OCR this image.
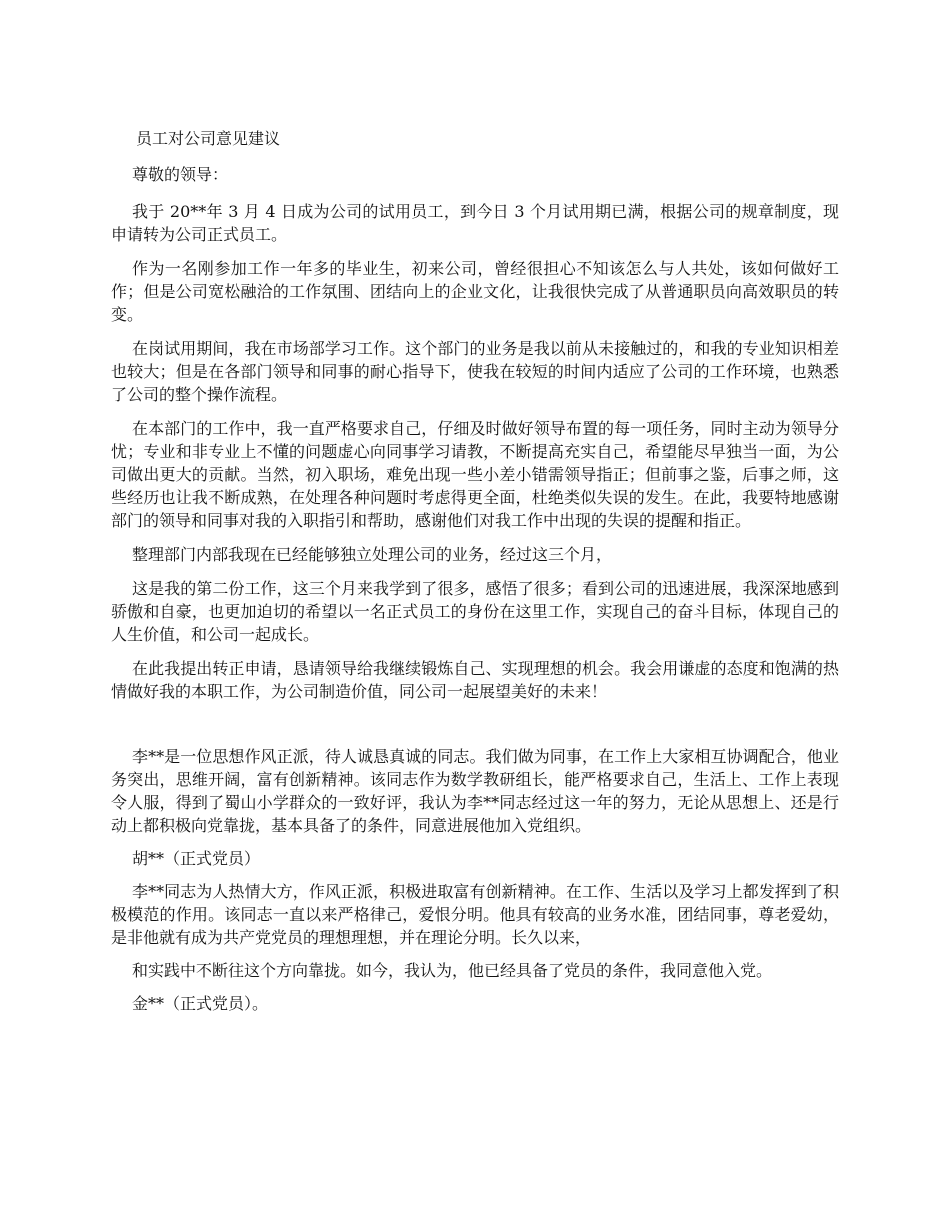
员工对公司意见建议

尊敬的领导：

我于 20**年 3 月 4 日成为公司的试用员工，到今日 3 个月试用期已满，根据公司的规章制度，现申请转为公司正式员工。

作为一名刚参加工作一年多的毕业生，初来公司，曾经很担心不知该怎么与人共处，该如何做好工作；但是公司宽松融洽的工作氛围、团结向上的企业文化，让我很快完成了从普通职员向高效职员的转变。

在岗试用期间，我在市场部学习工作。这个部门的业务是我以前从未接触过的，和我的专业知识相差也较大；但是在各部门领导和同事的耐心指导下，使我在较短的时间内适应了公司的工作环境，也熟悉了公司的整个操作流程。

在本部门的工作中，我一直严格要求自己，仔细及时做好领导布置的每一项任务，同时主动为领导分忧；专业和非专业上不懂的问题虚心向同事学习请教，不断提高充实自己，希望能尽早独当一面，为公司做出更大的贡献。当然，初入职场，难免出现一些小差小错需领导指正；但前事之鉴，后事之师，这些经历也让我不断成熟，在处理各种问题时考虑得更全面，杜绝类似失误的发生。在此，我要特地感谢部门的领导和同事对我的入职指引和帮助，感谢他们对我工作中出现的失误的提醒和指正。

整理部门内部我现在已经能够独立处理公司的业务，经过这三个月，

这是我的第二份工作，这三个月来我学到了很多，感悟了很多；看到公司的迅速进展，我深深地感到骄傲和自豪，也更加迫切的希望以一名正式员工的身份在这里工作，实现自己的奋斗目标，体现自己的人生价值，和公司一起成长。

在此我提出转正申请，恳请领导给我继续锻炼自己、实现理想的机会。我会用谦虚的态度和饱满的热情做好我的本职工作，为公司制造价值，同公司一起展望美好的未来！

李**是一位思想作风正派，待人诚恳真诚的同志。我们做为同事，在工作上大家相互协调配合，他业务突出，思维开阔，富有创新精神。该同志作为数学教研组长，能严格要求自己，生活上、工作上表现令人服，得到了蜀山小学群众的一致好评，我认为李**同志经过这一年的努力，无论从思想上、还是行动上都积极向党靠拢，基本具备了的条件，同意进展他加入党组织。

胡**（正式党员）

李**同志为人热情大方，作风正派，积极进取富有创新精神。在工作、生活以及学习上都发挥到了积极模范的作用。该同志一直以来严格律己，爱恨分明。他具有较高的业务水准，团结同事，尊老爱幼，是非他就有成为共产党党员的理想理想，并在理论分明。长久以来，

和实践中不断往这个方向靠拢。如今，我认为，他已经具备了党员的条件，我同意他入党。

金**（正式党员）。
